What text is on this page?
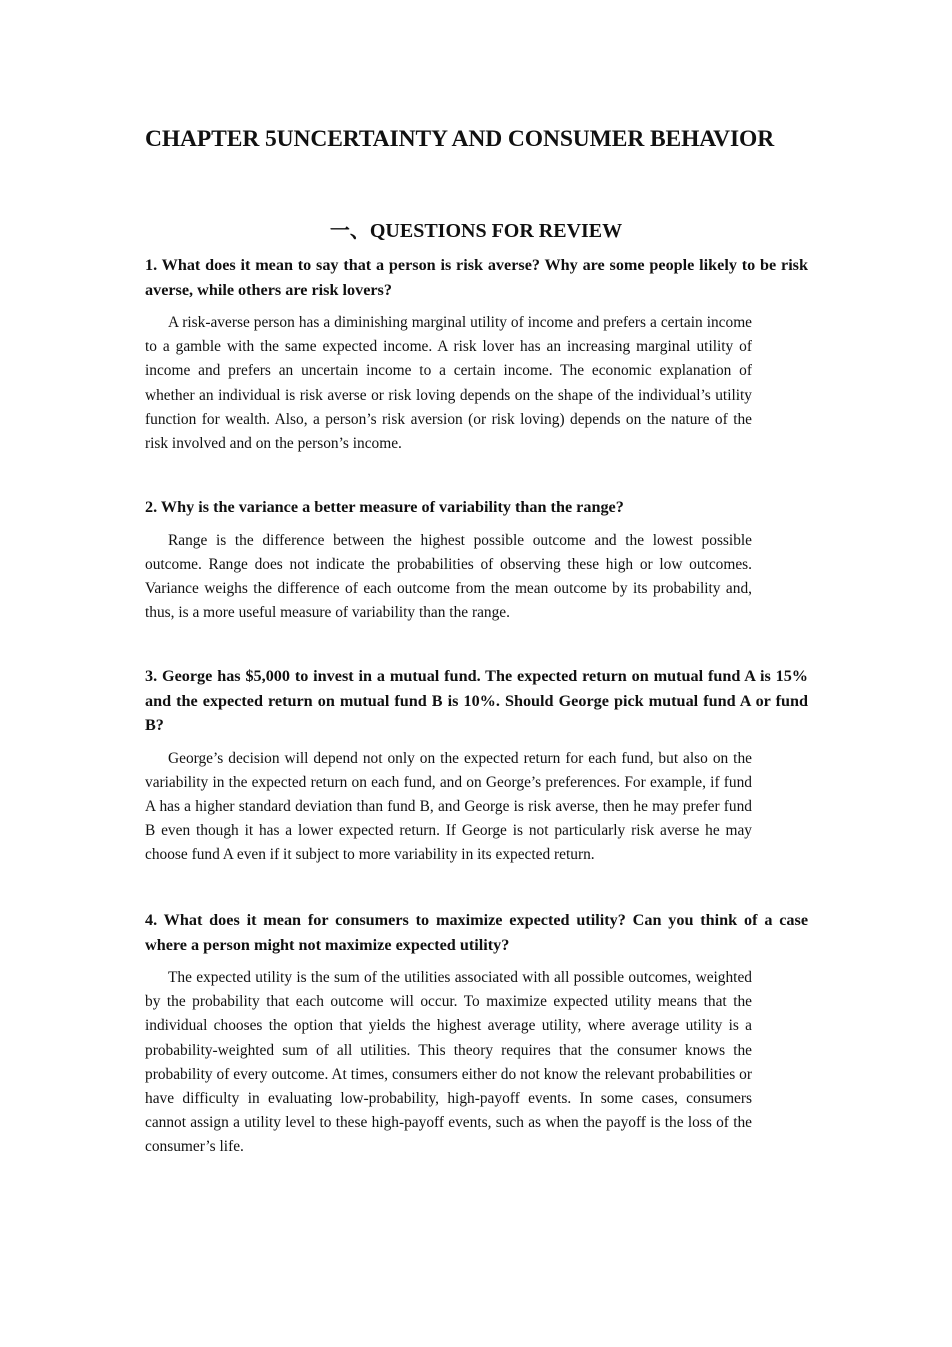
CHAPTER 5UNCERTAINTY AND CONSUMER BEHAVIOR
一、QUESTIONS FOR REVIEW

1. What does it mean to say that a person is risk averse? Why are some people likely to be risk averse, while others are risk lovers?

A risk-averse person has a diminishing marginal utility of income and prefers a certain income to a gamble with the same expected income. A risk lover has an increasing marginal utility of income and prefers an uncertain income to a certain income. The economic explanation of whether an individual is risk averse or risk loving depends on the shape of the individual’s utility function for wealth. Also, a person’s risk aversion (or risk loving) depends on the nature of the risk involved and on the person’s income.

2. Why is the variance a better measure of variability than the range?

Range is the difference between the highest possible outcome and the lowest possible outcome. Range does not indicate the probabilities of observing these high or low outcomes. Variance weighs the difference of each outcome from the mean outcome by its probability and, thus, is a more useful measure of variability than the range.

3. George has $5,000 to invest in a mutual fund. The expected return on mutual fund A is 15% and the expected return on mutual fund B is 10%. Should George pick mutual fund A or fund B?

George’s decision will depend not only on the expected return for each fund, but also on the variability in the expected return on each fund, and on George’s preferences. For example, if fund A has a higher standard deviation than fund B, and George is risk averse, then he may prefer fund B even though it has a lower expected return. If George is not particularly risk averse he may choose fund A even if it subject to more variability in its expected return.

4. What does it mean for consumers to maximize expected utility? Can you think of a case where a person might not maximize expected utility?

The expected utility is the sum of the utilities associated with all possible outcomes, weighted by the probability that each outcome will occur. To maximize expected utility means that the individual chooses the option that yields the highest average utility, where average utility is a probability-weighted sum of all utilities. This theory requires that the consumer knows the probability of every outcome. At times, consumers either do not know the relevant probabilities or have difficulty in evaluating low-probability, high-payoff events. In some cases, consumers cannot assign a utility level to these high-payoff events, such as when the payoff is the loss of the consumer’s life.
